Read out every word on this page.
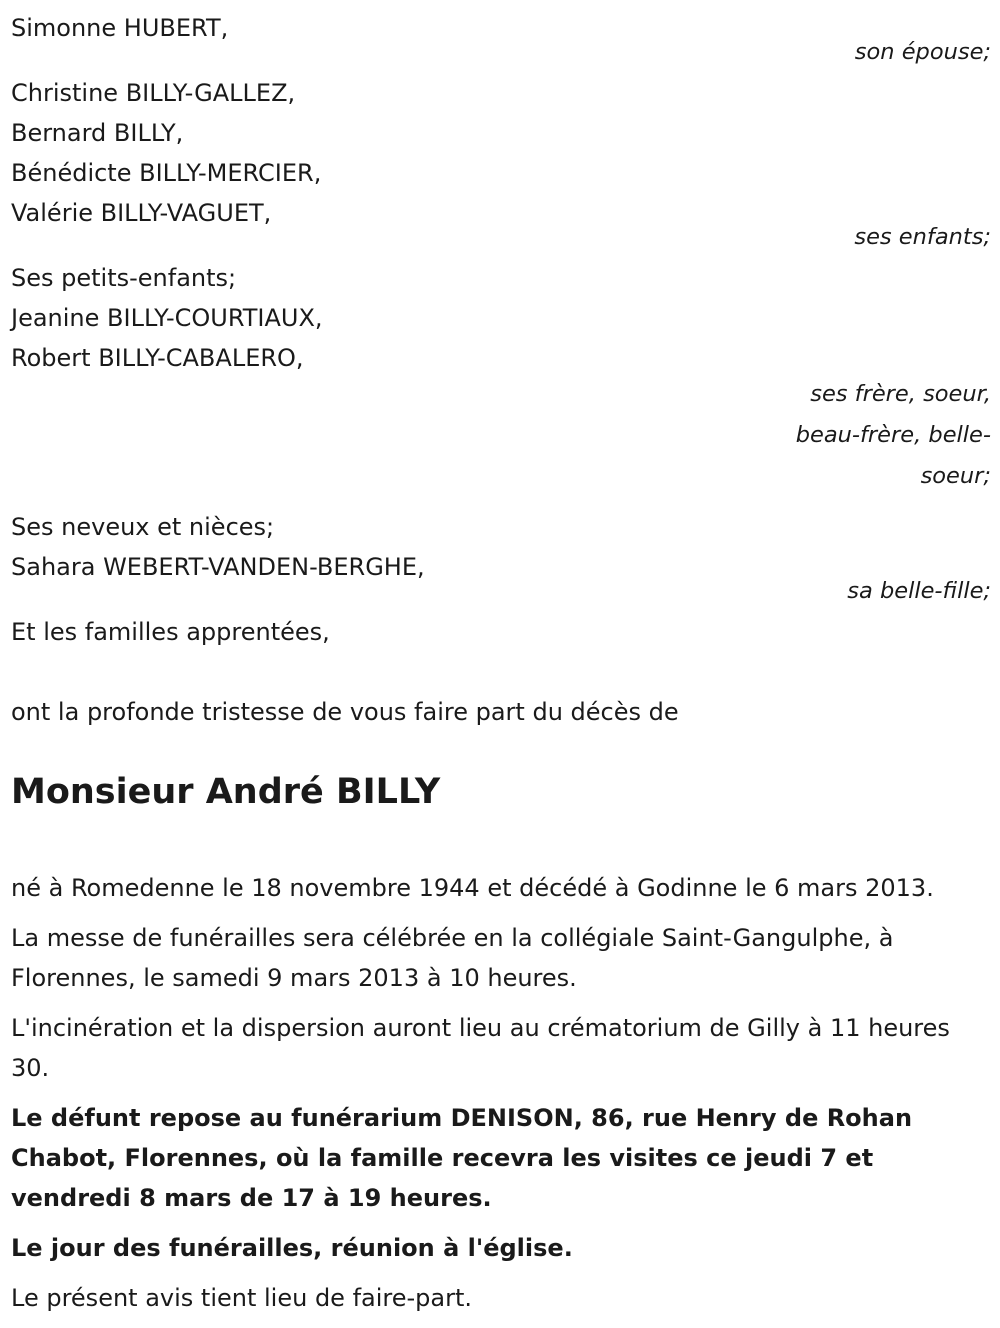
Simonne HUBERT,
son épouse;
Christine BILLY-GALLEZ,
Bernard BILLY,
Bénédicte BILLY-MERCIER,
Valérie BILLY-VAGUET,
ses enfants;
Ses petits-enfants;
Jeanine BILLY-COURTIAUX,
Robert BILLY-CABALERO,
ses frère, soeur, beau-frère, belle-soeur;
Ses neveux et nièces;
Sahara WEBERT-VANDEN-BERGHE,
sa belle-fille;
Et les familles apprentées,
ont la profonde tristesse de vous faire part du décès de
Monsieur André BILLY
né à Romedenne le 18 novembre 1944 et décédé à Godinne le 6 mars 2013.
La messe de funérailles sera célébrée en la collégiale Saint-Gangulphe, à Florennes, le samedi 9 mars 2013 à 10 heures.
L'incinération et la dispersion auront lieu au crématorium de Gilly à 11 heures 30.
Le défunt repose au funérarium DENISON, 86, rue Henry de Rohan Chabot, Florennes, où la famille recevra les visites ce jeudi 7 et vendredi 8 mars de 17 à 19 heures.
Le jour des funérailles, réunion à l'église.
Le présent avis tient lieu de faire-part.
